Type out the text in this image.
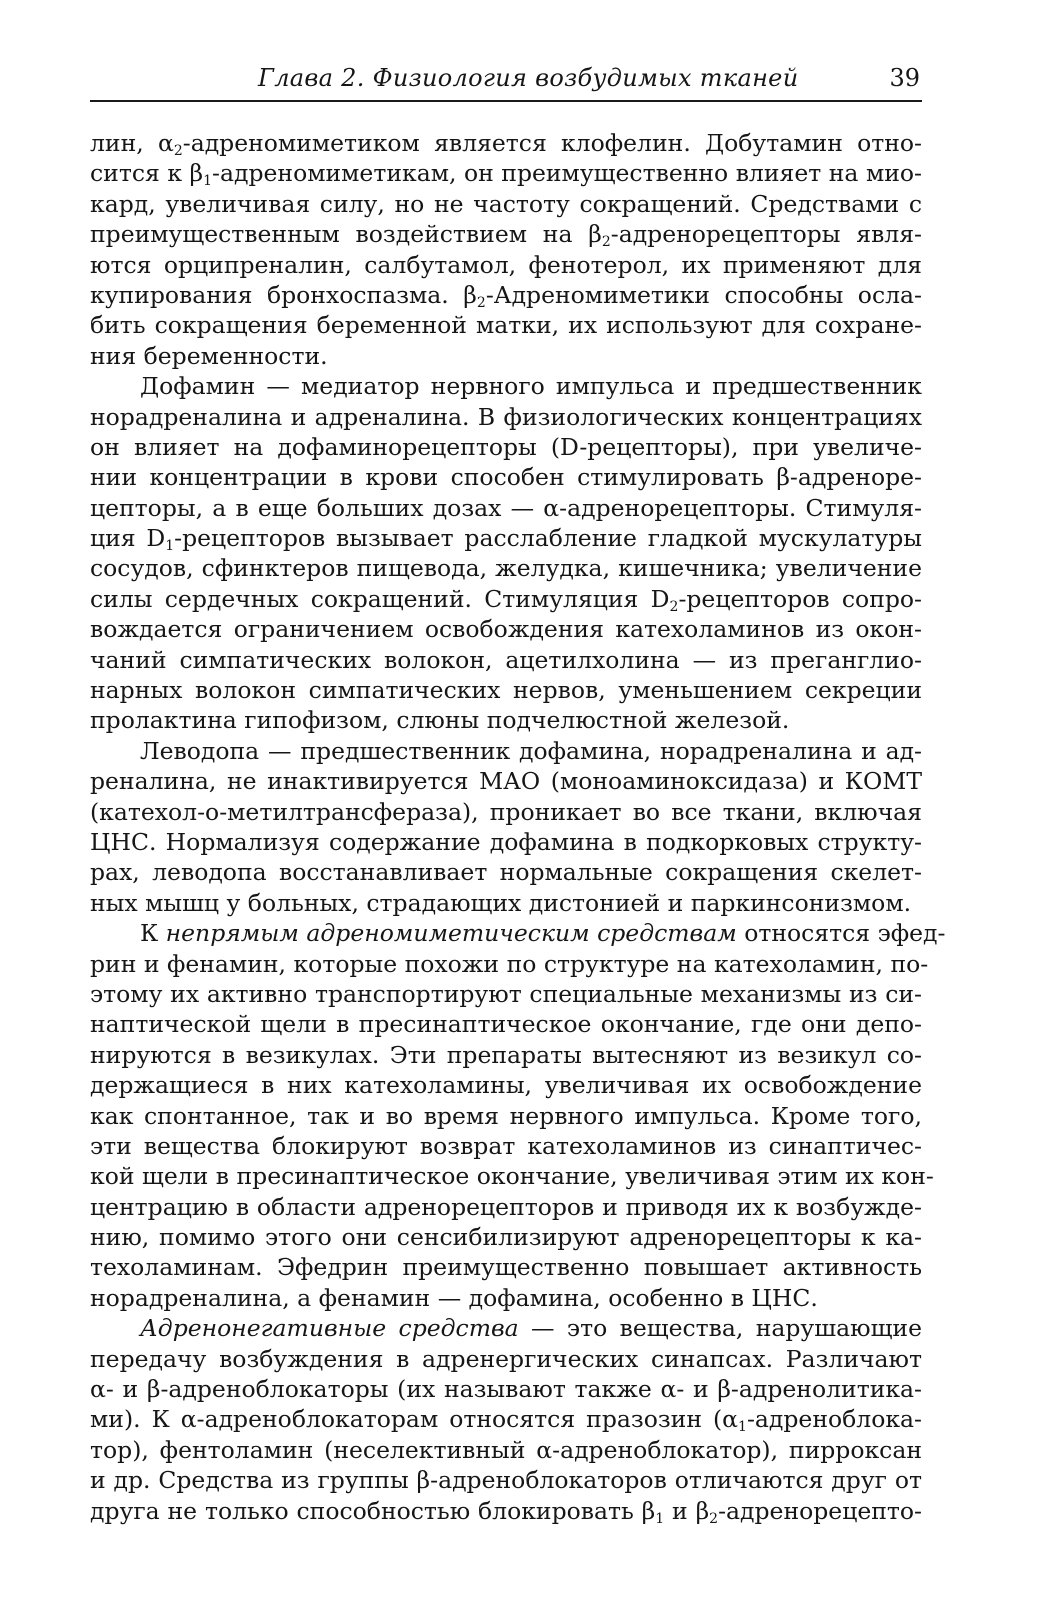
Глава 2. Физиология возбудимых тканей	39
лин, $\alpha_2$-адреномиметиком является клофелин. Добутамин отно-
сится к $\beta_1$-адреномиметикам, он преимущественно влияет на мио-
кард, увеличивая силу, но не частоту сокращений. Средствами с
преимущественным воздействием на $\beta_2$-адренорецепторы явля-
ются орципреналин, салбутамол, фенотерол, их применяют для
купирования бронхоспазма. $\beta_2$-Адреномиметики способны осла-
бить сокращения беременной матки, их используют для сохране-
ния беременности.
Дофамин — медиатор нервного импульса и предшественник
норадреналина и адреналина. В физиологических концентрациях
он влияет на дофаминорецепторы (D-рецепторы), при увеличе-
нии концентрации в крови способен стимулировать β-адреноре-
цепторы, а в еще больших дозах — α-адренорецепторы. Стимуля-
ция $D_1$-рецепторов вызывает расслабление гладкой мускулатуры
сосудов, сфинктеров пищевода, желудка, кишечника; увеличение
силы сердечных сокращений. Стимуляция $D_2$-рецепторов сопро-
вождается ограничением освобождения катехоламинов из окон-
чаний симпатических волокон, ацетилхолина — из преганглио-
нарных волокон симпатических нервов, уменьшением секреции
пролактина гипофизом, слюны подчелюстной железой.
Леводопа — предшественник дофамина, норадреналина и ад-
реналина, не инактивируется МАО (моноаминоксидаза) и КОМТ
(катехол-о-метилтрансфераза), проникает во все ткани, включая
ЦНС. Нормализуя содержание дофамина в подкорковых структу-
рах, леводопа восстанавливает нормальные сокращения скелет-
ных мышц у больных, страдающих дистонией и паркинсонизмом.
К непрямым адреномиметическим средствам относятся эфед-
рин и фенамин, которые похожи по структуре на катехоламин, по-
этому их активно транспортируют специальные механизмы из си-
наптической щели в пресинаптическое окончание, где они депо-
нируются в везикулах. Эти препараты вытесняют из везикул со-
держащиеся в них катехоламины, увеличивая их освобождение
как спонтанное, так и во время нервного импульса. Кроме того,
эти вещества блокируют возврат катехоламинов из синаптичес-
кой щели в пресинаптическое окончание, увеличивая этим их кон-
центрацию в области адренорецепторов и приводя их к возбужде-
нию, помимо этого они сенсибилизируют адренорецепторы к ка-
техоламинам. Эфедрин преимущественно повышает активность
норадреналина, а фенамин — дофамина, особенно в ЦНС.
Адренонегативные средства — это вещества, нарушающие
передачу возбуждения в адренергических синапсах. Различают
α- и β-адреноблокаторы (их называют также α- и β-адренолитика-
ми). К α-адреноблокаторам относятся празозин ($\alpha_1-адреноблока-$
тор), фентоламин (неселективный α-адреноблокатор), пирроксан
и др. Средства из группы β-адреноблокаторов отличаются друг от
друга не только способностью блокировать $\beta_1$ и $\beta_2-адренорецепто-$
